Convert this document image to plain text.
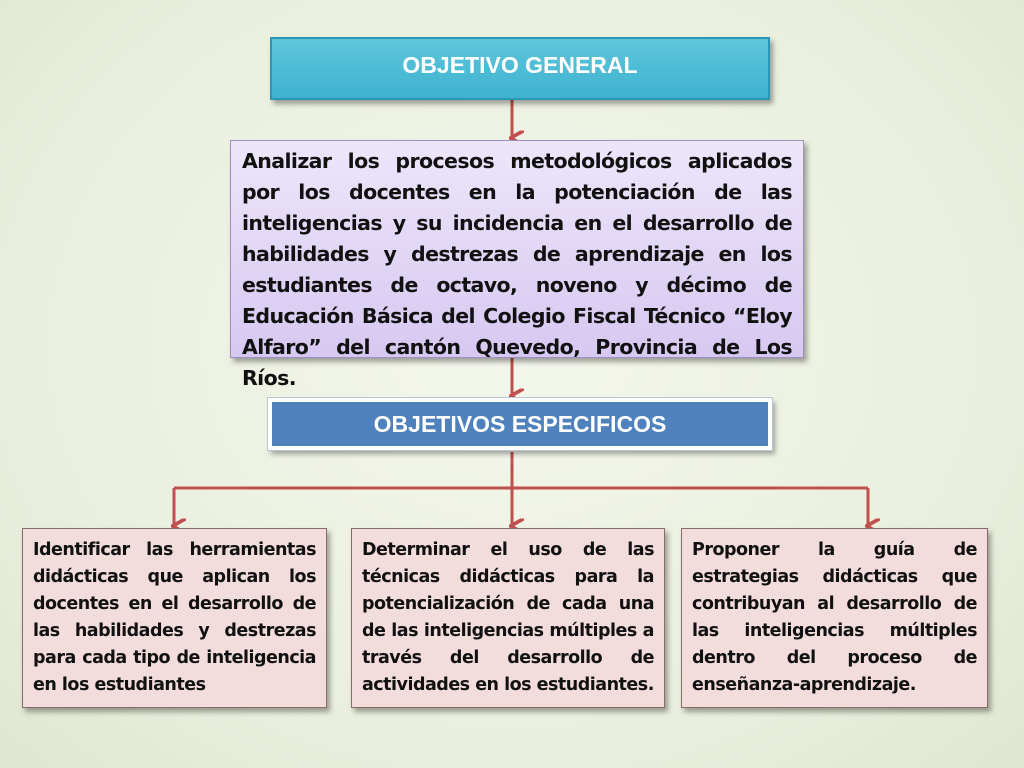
OBJETIVO GENERAL
Analizar los procesos metodológicos aplicados por los docentes en la potenciación de las inteligencias y su incidencia en el desarrollo de habilidades y destrezas de aprendizaje en los estudiantes de octavo, noveno y décimo de Educación Básica del Colegio Fiscal Técnico “Eloy Alfaro” del cantón Quevedo, Provincia de Los Ríos.
OBJETIVOS ESPECIFICOS
Identificar las herramientas didácticas que aplican los docentes en el desarrollo de las habilidades y destrezas para cada tipo de inteligencia en los estudiantes
Determinar el uso de las técnicas didácticas para la potencialización de cada una de las inteligencias múltiples a través del desarrollo de actividades en los estudiantes.
Proponer la guía de estrategias didácticas que contribuyan al desarrollo de las inteligencias múltiples dentro del proceso de enseñanza-aprendizaje.
